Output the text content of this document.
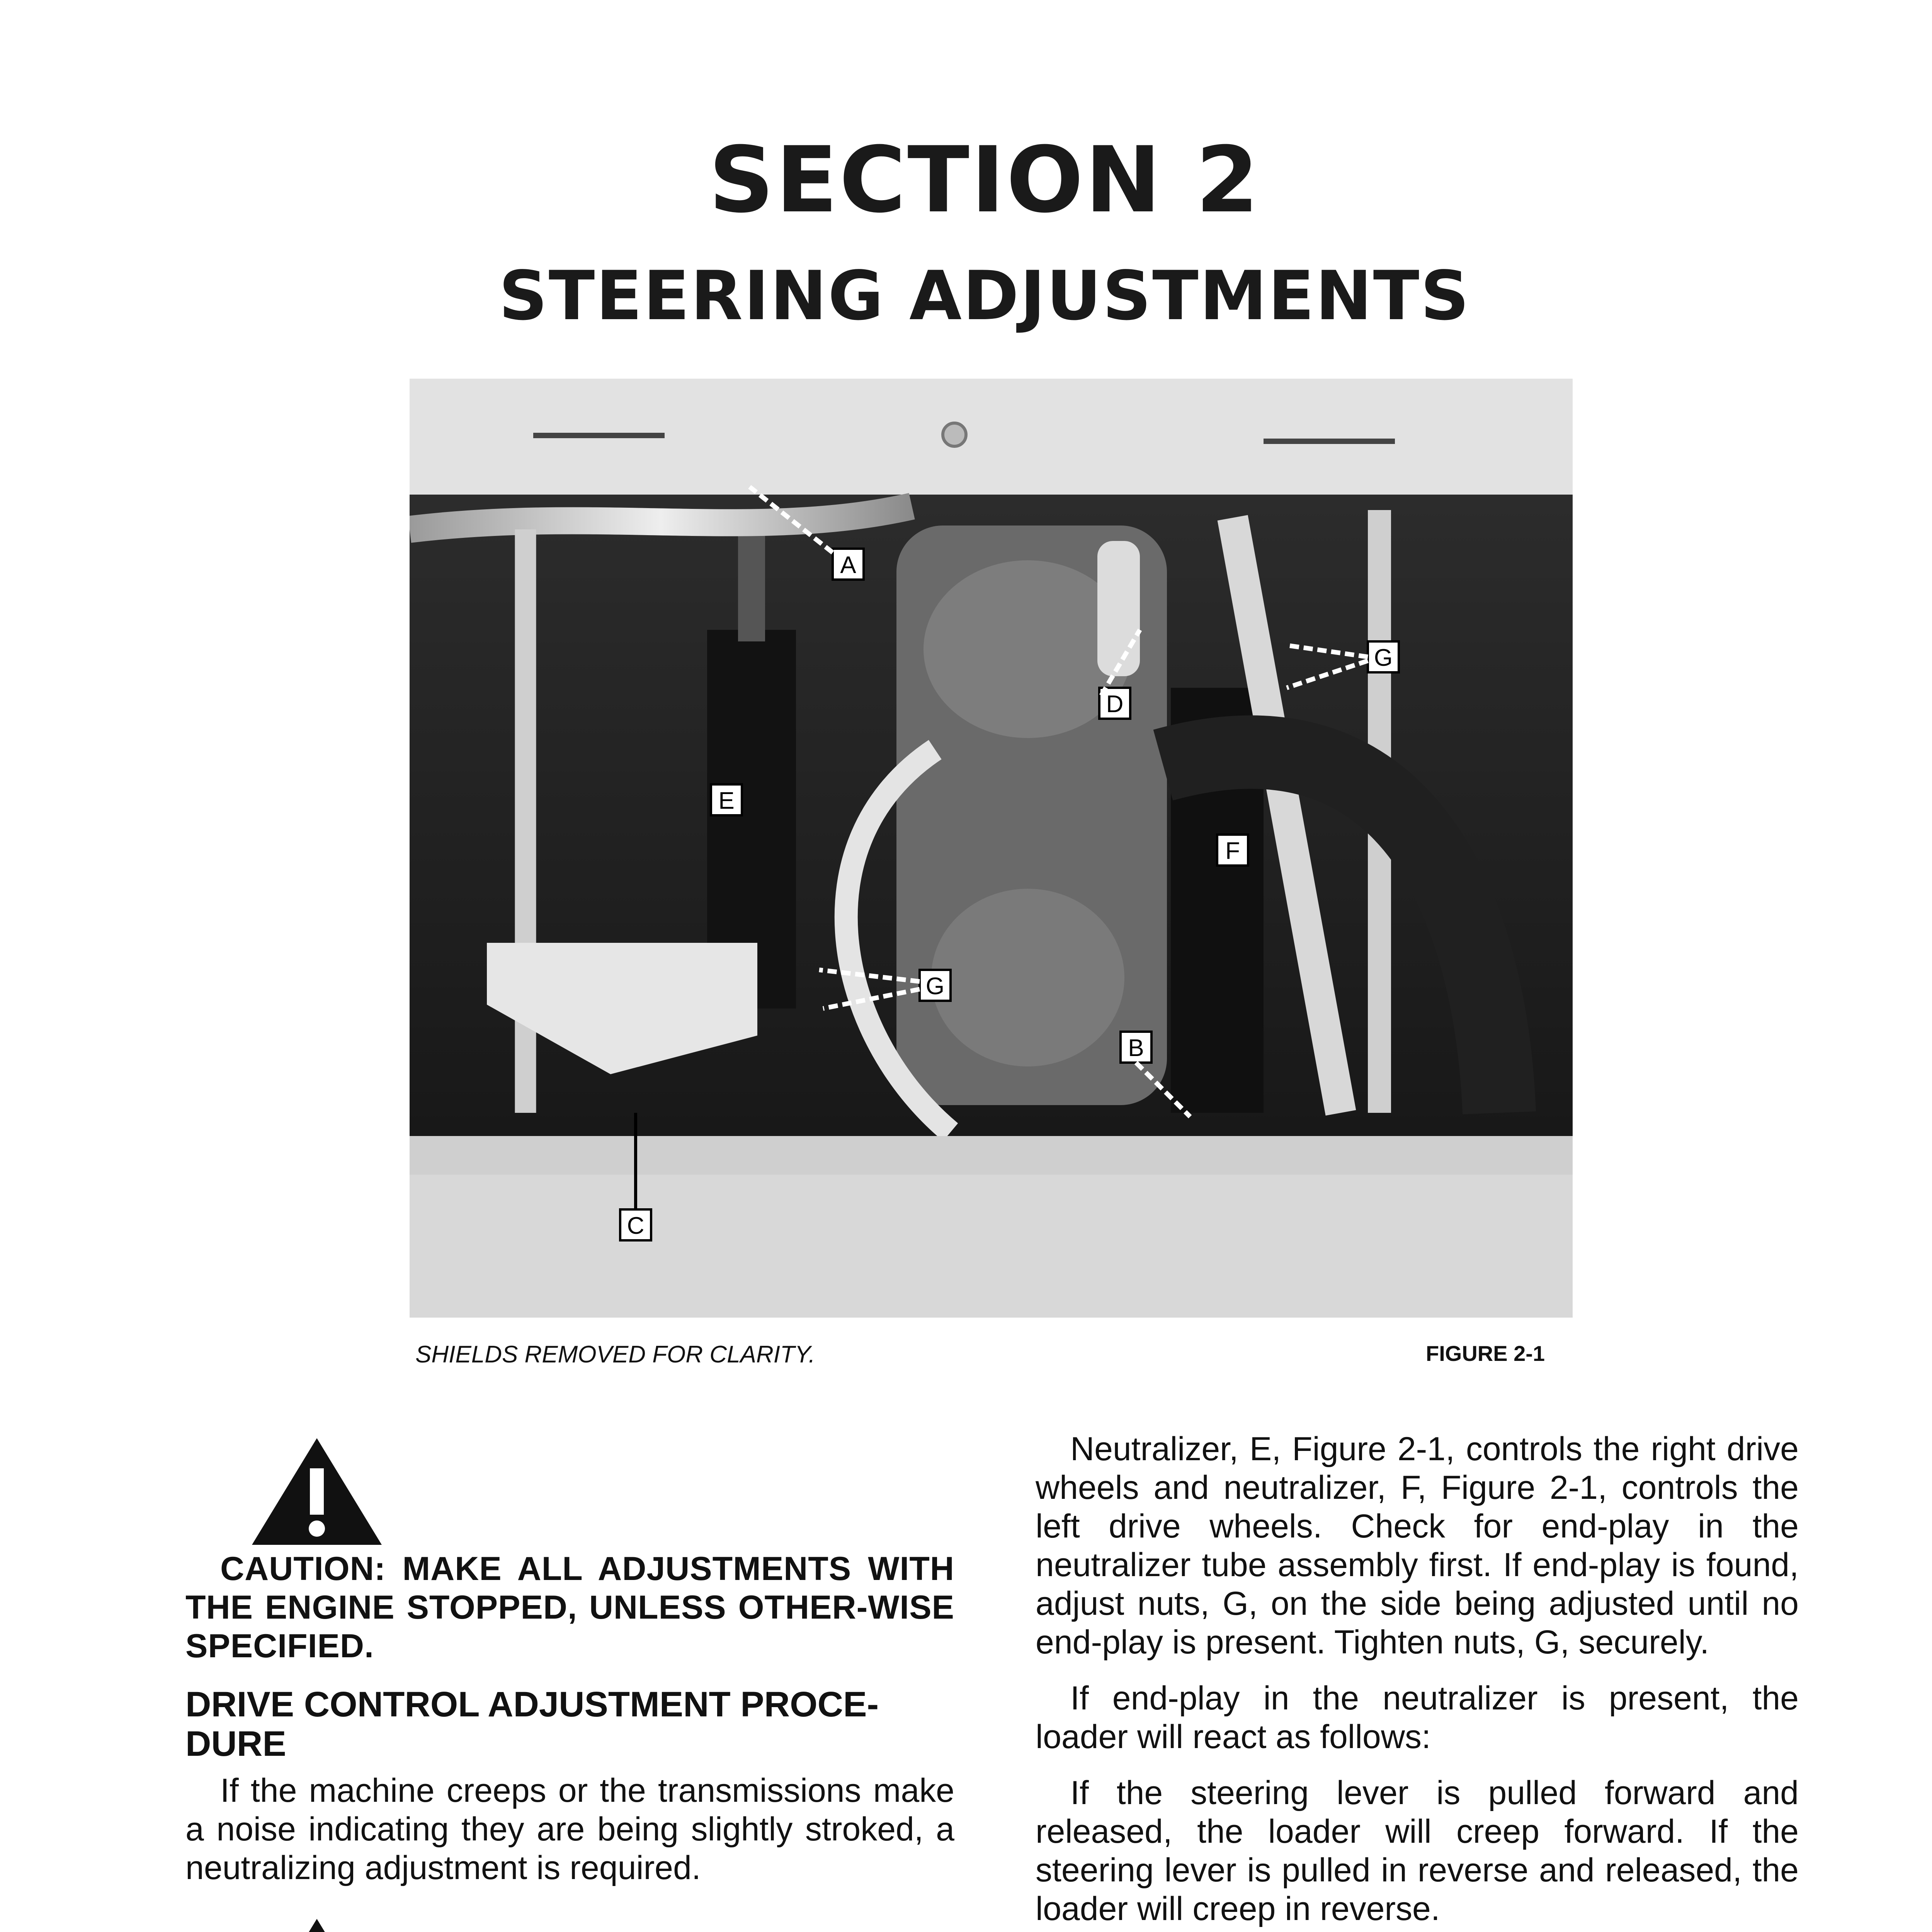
SECTION 2
STEERING ADJUSTMENTS
A
B
C
D
E
F
G
G
SHIELDS REMOVED FOR CLARITY.	FIGURE 2-1

CAUTION: MAKE ALL ADJUSTMENTS WITH THE ENGINE STOPPED, UNLESS OTHER-WISE SPECIFIED.

DRIVE CONTROL ADJUSTMENT PROCE-DURE

If the machine creeps or the transmissions make a noise indicating they are being slightly stroked, a neutralizing adjustment is required.

Neutralizer, E, Figure 2-1, controls the right drive wheels and neutralizer, F, Figure 2-1, controls the left drive wheels. Check for end-play in the neutralizer tube assembly first. If end-play is found, adjust nuts, G, on the side being adjusted until no end-play is present. Tighten nuts, G, securely.

If end-play in the neutralizer is present, the loader will react as follows:

If the steering lever is pulled forward and released, the loader will creep forward. If the steering lever is pulled in reverse and released, the loader will creep in reverse.
